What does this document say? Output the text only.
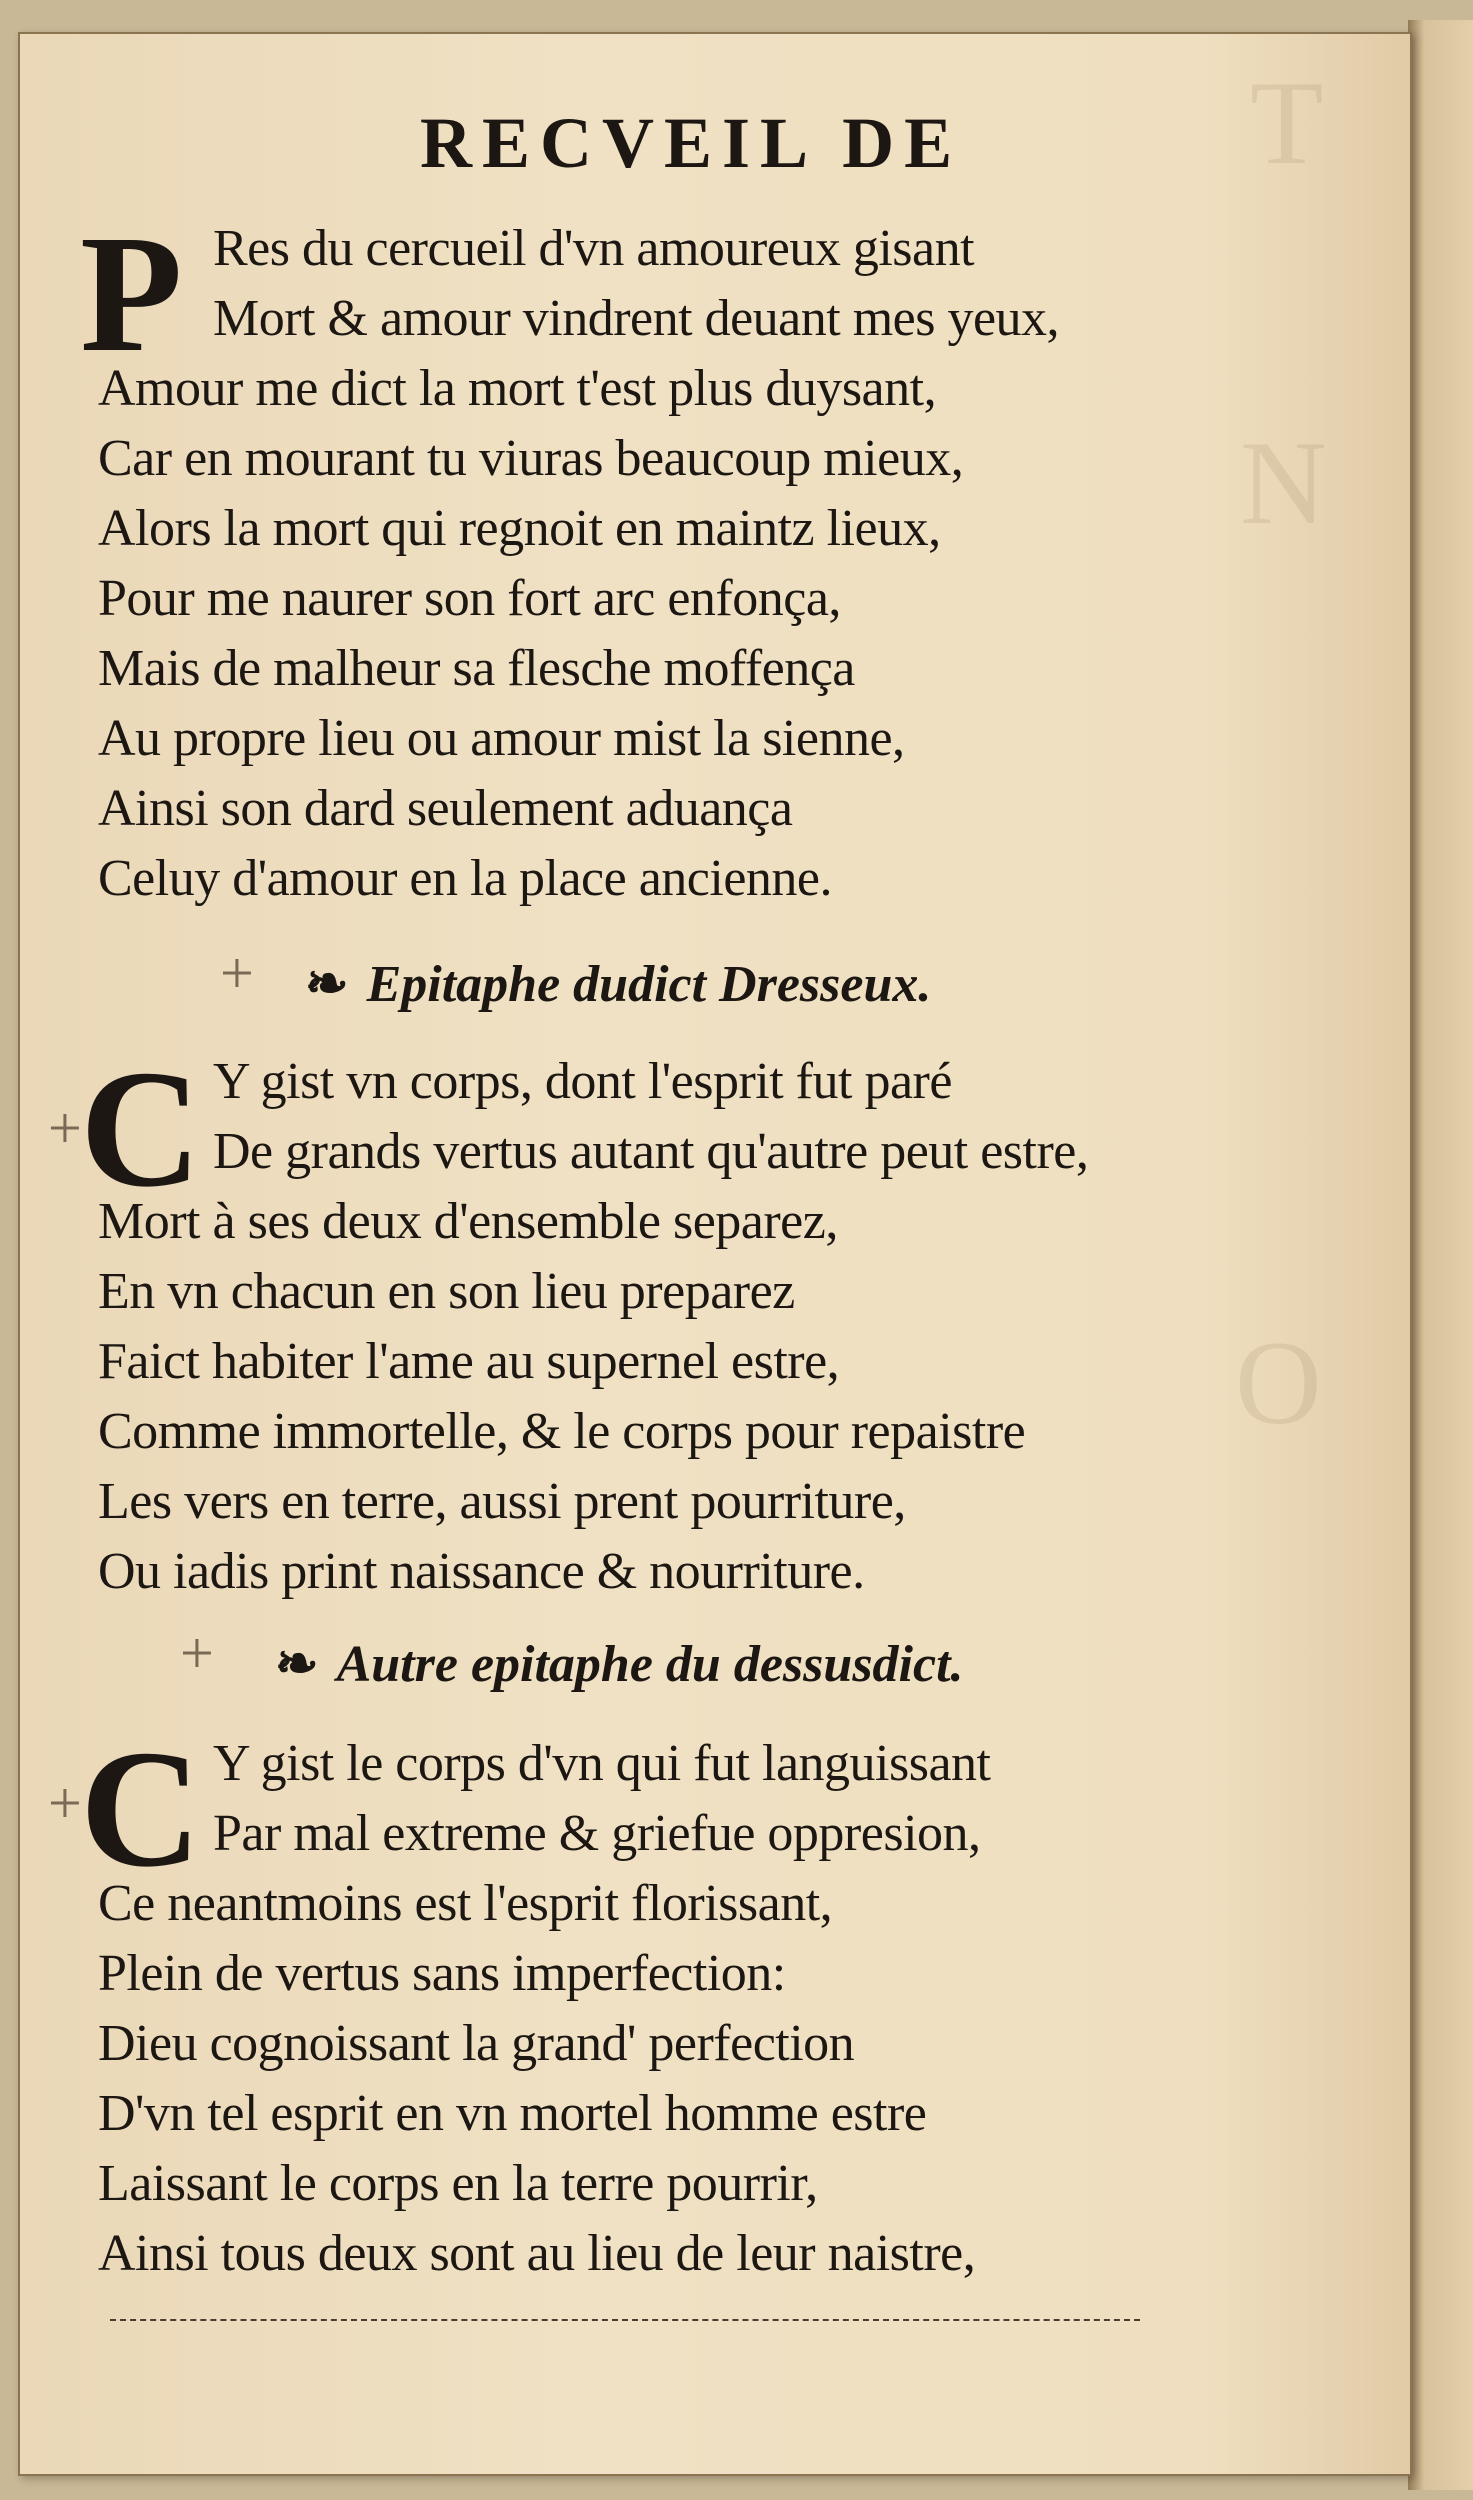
T
N
O
RECVEIL DE
P Res du cercueil d'vn amoureux gisant
Mort & amour vindrent deuant mes yeux,
Amour me dict la mort t'est plus duysant,
Car en mourant tu viuras beaucoup mieux,
Alors la mort qui regnoit en maintz lieux,
Pour me naurer son fort arc enfonça,
Mais de malheur sa flesche moffença
Au propre lieu ou amour mist la sienne,
Ainsi son dard seulement aduança
Celuy d'amour en la place ancienne.
+ ❧ Epitaphe dudict Dresseux.
+
C Y gist vn corps, dont l'esprit fut paré
De grands vertus autant qu'autre peut estre,
Mort à ses deux d'ensemble separez,
En vn chacun en son lieu preparez
Faict habiter l'ame au supernel estre,
Comme immortelle, & le corps pour repaistre
Les vers en terre, aussi prent pourriture,
Ou iadis print naissance & nourriture.
+ ❧ Autre epitaphe du dessusdict.
+
C Y gist le corps d'vn qui fut languissant
Par mal extreme & griefue oppresion,
Ce neantmoins est l'esprit florissant,
Plein de vertus sans imperfection:
Dieu cognoissant la grand' perfection
D'vn tel esprit en vn mortel homme estre
Laissant le corps en la terre pourrir,
Ainsi tous deux sont au lieu de leur naistre,
